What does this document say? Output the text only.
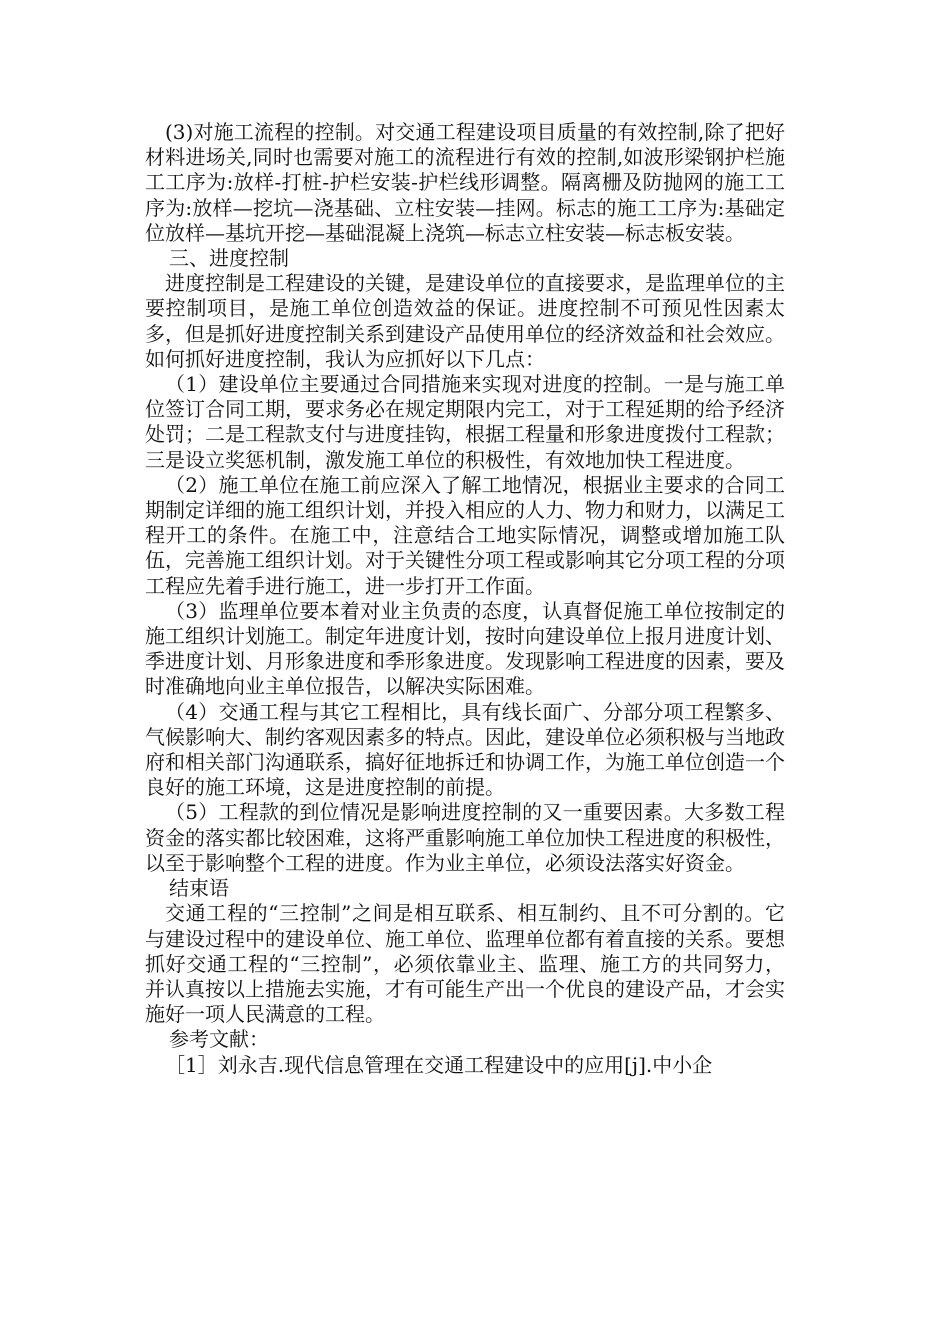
(3)对施工流程的控制。对交通工程建设项目质量的有效控制,除了把好材料进场关,同时也需要对施工的流程进行有效的控制,如波形梁钢护栏施工工序为:放样-打桩-护栏安装-护栏线形调整。隔离栅及防抛网的施工工序为:放样—挖坑—浇基础、立柱安装—挂网。标志的施工工序为:基础定位放样—基坑开挖—基础混凝上浇筑—标志立柱安装—标志板安装。

三、进度控制

进度控制是工程建设的关键，是建设单位的直接要求，是监理单位的主要控制项目，是施工单位创造效益的保证。进度控制不可预见性因素太多，但是抓好进度控制关系到建设产品使用单位的经济效益和社会效应。如何抓好进度控制，我认为应抓好以下几点：

（1）建设单位主要通过合同措施来实现对进度的控制。一是与施工单位签订合同工期，要求务必在规定期限内完工，对于工程延期的给予经济处罚；二是工程款支付与进度挂钩，根据工程量和形象进度拨付工程款；三是设立奖惩机制，激发施工单位的积极性，有效地加快工程进度。

（2）施工单位在施工前应深入了解工地情况，根据业主要求的合同工期制定详细的施工组织计划，并投入相应的人力、物力和财力，以满足工程开工的条件。在施工中，注意结合工地实际情况，调整或增加施工队伍，完善施工组织计划。对于关键性分项工程或影响其它分项工程的分项工程应先着手进行施工，进一步打开工作面。

（3）监理单位要本着对业主负责的态度，认真督促施工单位按制定的施工组织计划施工。制定年进度计划，按时向建设单位上报月进度计划、季进度计划、月形象进度和季形象进度。发现影响工程进度的因素，要及时准确地向业主单位报告，以解决实际困难。

（4）交通工程与其它工程相比，具有线长面广、分部分项工程繁多、气候影响大、制约客观因素多的特点。因此，建设单位必须积极与当地政府和相关部门沟通联系，搞好征地拆迁和协调工作，为施工单位创造一个良好的施工环境，这是进度控制的前提。

（5）工程款的到位情况是影响进度控制的又一重要因素。大多数工程资金的落实都比较困难，这将严重影响施工单位加快工程进度的积极性，以至于影响整个工程的进度。作为业主单位，必须设法落实好资金。

结束语

交通工程的“三控制”之间是相互联系、相互制约、且不可分割的。它与建设过程中的建设单位、施工单位、监理单位都有着直接的关系。要想抓好交通工程的“三控制”，必须依靠业主、监理、施工方的共同努力，并认真按以上措施去实施，才有可能生产出一个优良的建设产品，才会实施好一项人民满意的工程。

参考文献：

［1］刘永吉.现代信息管理在交通工程建设中的应用[j].中小企
